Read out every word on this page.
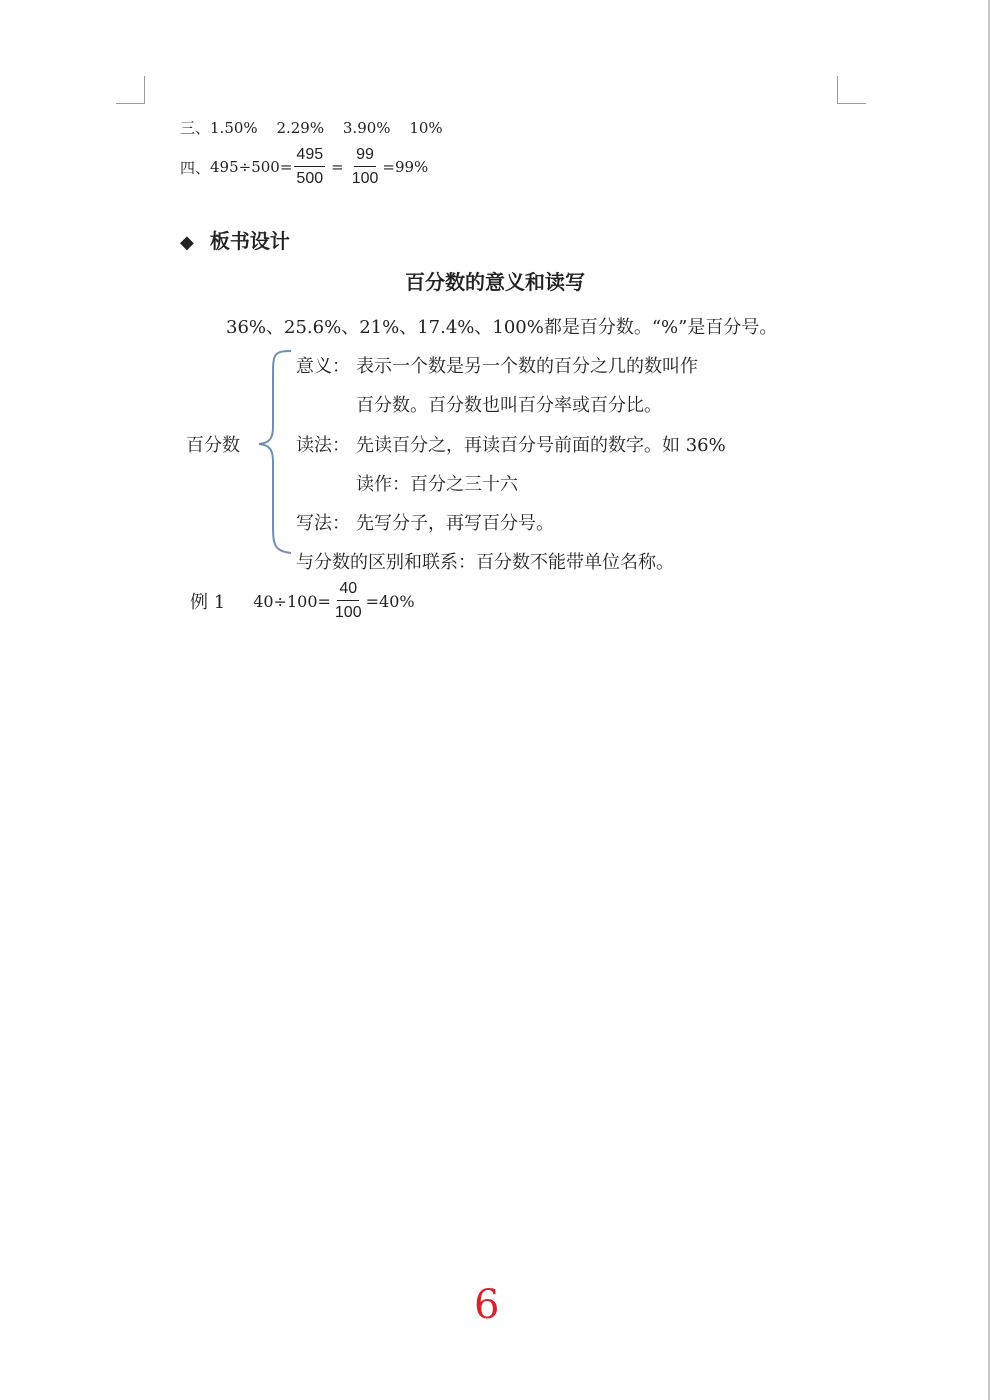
三、1.50% 2.29% 3.90% 10%
四、 $495\div 500= \frac{495}{500} = \frac{99}{100} =99\%$
◆ 板书设计
百分数的意义和读写
36%、25.6%、21%、17.4%、100%都是百分数。“%”是百分号。
百分数
意义： 表示一个数是另一个数的百分之几的数叫作
百分数。百分数也叫百分率或百分比。
读法： 先读百分之，再读百分号前面的数字。如 36%
读作：百分之三十六
写法： 先写分子，再写百分号。
与分数的区别和联系：百分数不能带单位名称。
例 1 $40\div 100= \frac{40}{100} =40\%$
6
